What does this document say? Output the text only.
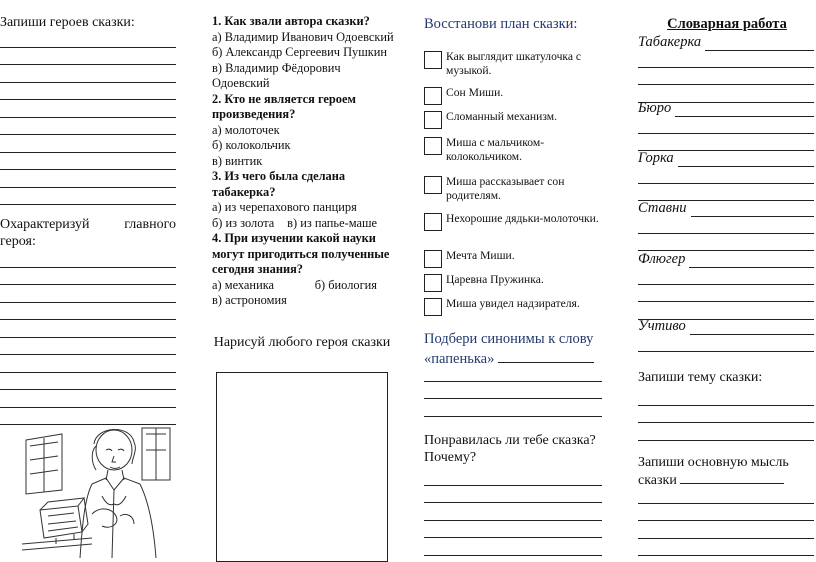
Запиши героев сказки:
Охарактеризуй главного
героя:
1. Как звали автора сказки?
а) Владимир Иванович Одоевский
б) Александр Сергеевич Пушкин
в) Владимир Фёдорович Одоевский
2. Кто не является героем произведения?
а) молоточек
б) колокольчик
в) винтик
3. Из чего была сделана табакерка?
а) из черепахового панциря
б) из золота в) из папье-маше
4. При изучении какой науки могут пригодиться полученные сегодня знания?
а) механика	б) биология
в) астрономия
Нарисуй любого героя сказки
Восстанови план сказки:
Как выглядит шкатулочка с музыкой.
Сон Миши.
Сломанный механизм.
Миша с мальчиком-колокольчиком.
Миша рассказывает сон родителям.
Нехорошие дядьки-молоточки.
Мечта Миши.
Царевна Пружинка.
Миша увидел надзирателя.
Подбери синонимы к слову «папенька»
Понравилась ли тебе сказка? Почему?
Словарная работа
Табакерка
Бюро
Горка
Ставни
Флюгер
Учтиво
Запиши тему сказки:
Запиши основную мысль сказки
